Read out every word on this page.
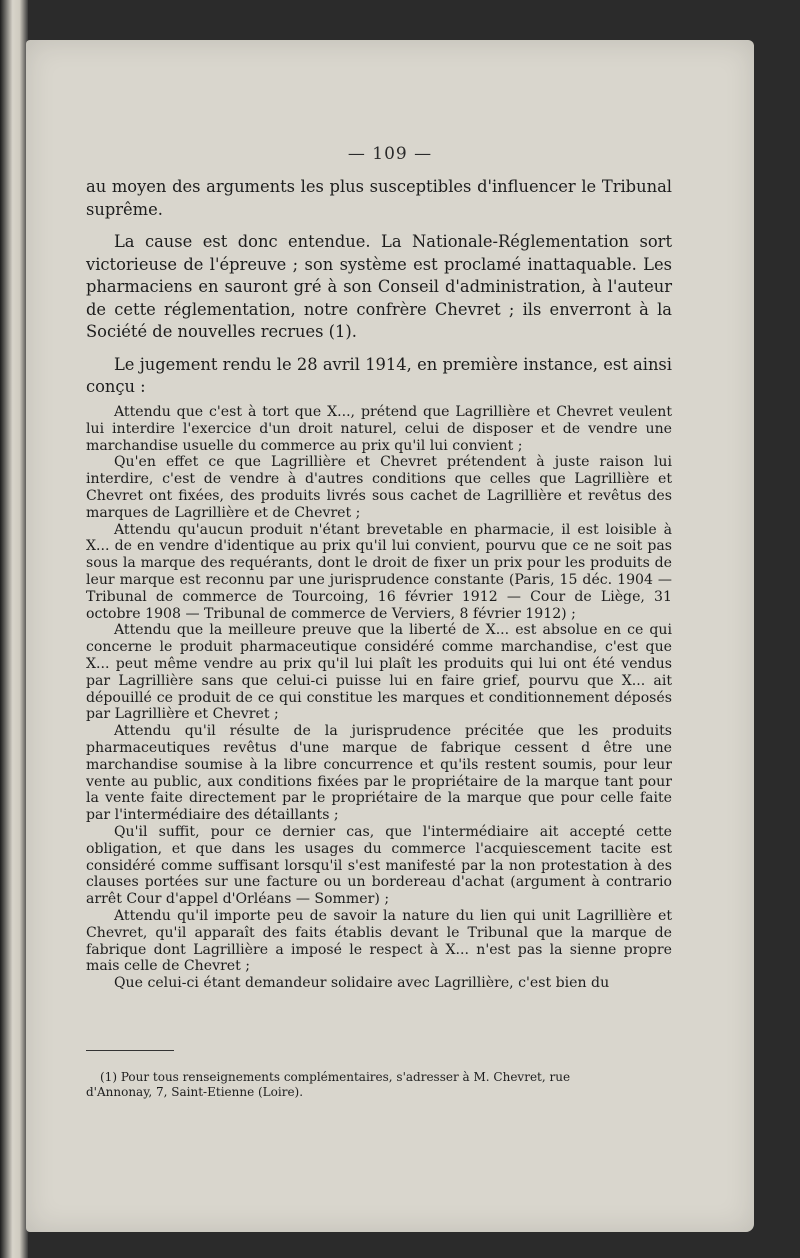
— 109 —

au moyen des arguments les plus susceptibles d'influencer le Tribunal suprême.

La cause est donc entendue. La Nationale-Réglementation sort victorieuse de l'épreuve ; son système est proclamé inattaquable. Les pharmaciens en sauront gré à son Conseil d'administration, à l'auteur de cette réglementation, notre confrère Chevret ; ils enverront à la Société de nouvelles recrues (1).

Le jugement rendu le 28 avril 1914, en première instance, est ainsi conçu :

Attendu que c'est à tort que X..., prétend que Lagrillière et Chevret veulent lui interdire l'exercice d'un droit naturel, celui de disposer et de vendre une marchandise usuelle du commerce au prix qu'il lui convient ;

Qu'en effet ce que Lagrillière et Chevret prétendent à juste raison lui interdire, c'est de vendre à d'autres conditions que celles que Lagrillière et Chevret ont fixées, des produits livrés sous cachet de Lagrillière et revêtus des marques de Lagrillière et de Chevret ;

Attendu qu'aucun produit n'étant brevetable en pharmacie, il est loisible à X... de en vendre d'identique au prix qu'il lui convient, pourvu que ce ne soit pas sous la marque des requérants, dont le droit de fixer un prix pour les produits de leur marque est reconnu par une jurisprudence constante (Paris, 15 déc. 1904 — Tribunal de commerce de Tourcoing, 16 février 1912 — Cour de Liège, 31 octobre 1908 — Tribunal de commerce de Verviers, 8 février 1912) ;

Attendu que la meilleure preuve que la liberté de X... est absolue en ce qui concerne le produit pharmaceutique considéré comme marchandise, c'est que X... peut même vendre au prix qu'il lui plaît les produits qui lui ont été vendus par Lagrillière sans que celui-ci puisse lui en faire grief, pourvu que X... ait dépouillé ce produit de ce qui constitue les marques et conditionnement déposés par Lagrillière et Chevret ;

Attendu qu'il résulte de la jurisprudence précitée que les produits pharmaceutiques revêtus d'une marque de fabrique cessent d être une marchandise soumise à la libre concurrence et qu'ils restent soumis, pour leur vente au public, aux conditions fixées par le propriétaire de la marque tant pour la vente faite directement par le propriétaire de la marque que pour celle faite par l'intermédiaire des détaillants ;

Qu'il suffit, pour ce dernier cas, que l'intermédiaire ait accepté cette obligation, et que dans les usages du commerce l'acquiescement tacite est considéré comme suffisant lorsqu'il s'est manifesté par la non protestation à des clauses portées sur une facture ou un bordereau d'achat (argument à contrario arrêt Cour d'appel d'Orléans — Sommer) ;

Attendu qu'il importe peu de savoir la nature du lien qui unit Lagrillière et Chevret, qu'il apparaît des faits établis devant le Tribunal que la marque de fabrique dont Lagrillière a imposé le respect à X... n'est pas la sienne propre mais celle de Chevret ;

Que celui-ci étant demandeur solidaire avec Lagrillière, c'est bien du

(1) Pour tous renseignements complémentaires, s'adresser à M. Chevret, rue

d'Annonay, 7, Saint-Etienne (Loire).
